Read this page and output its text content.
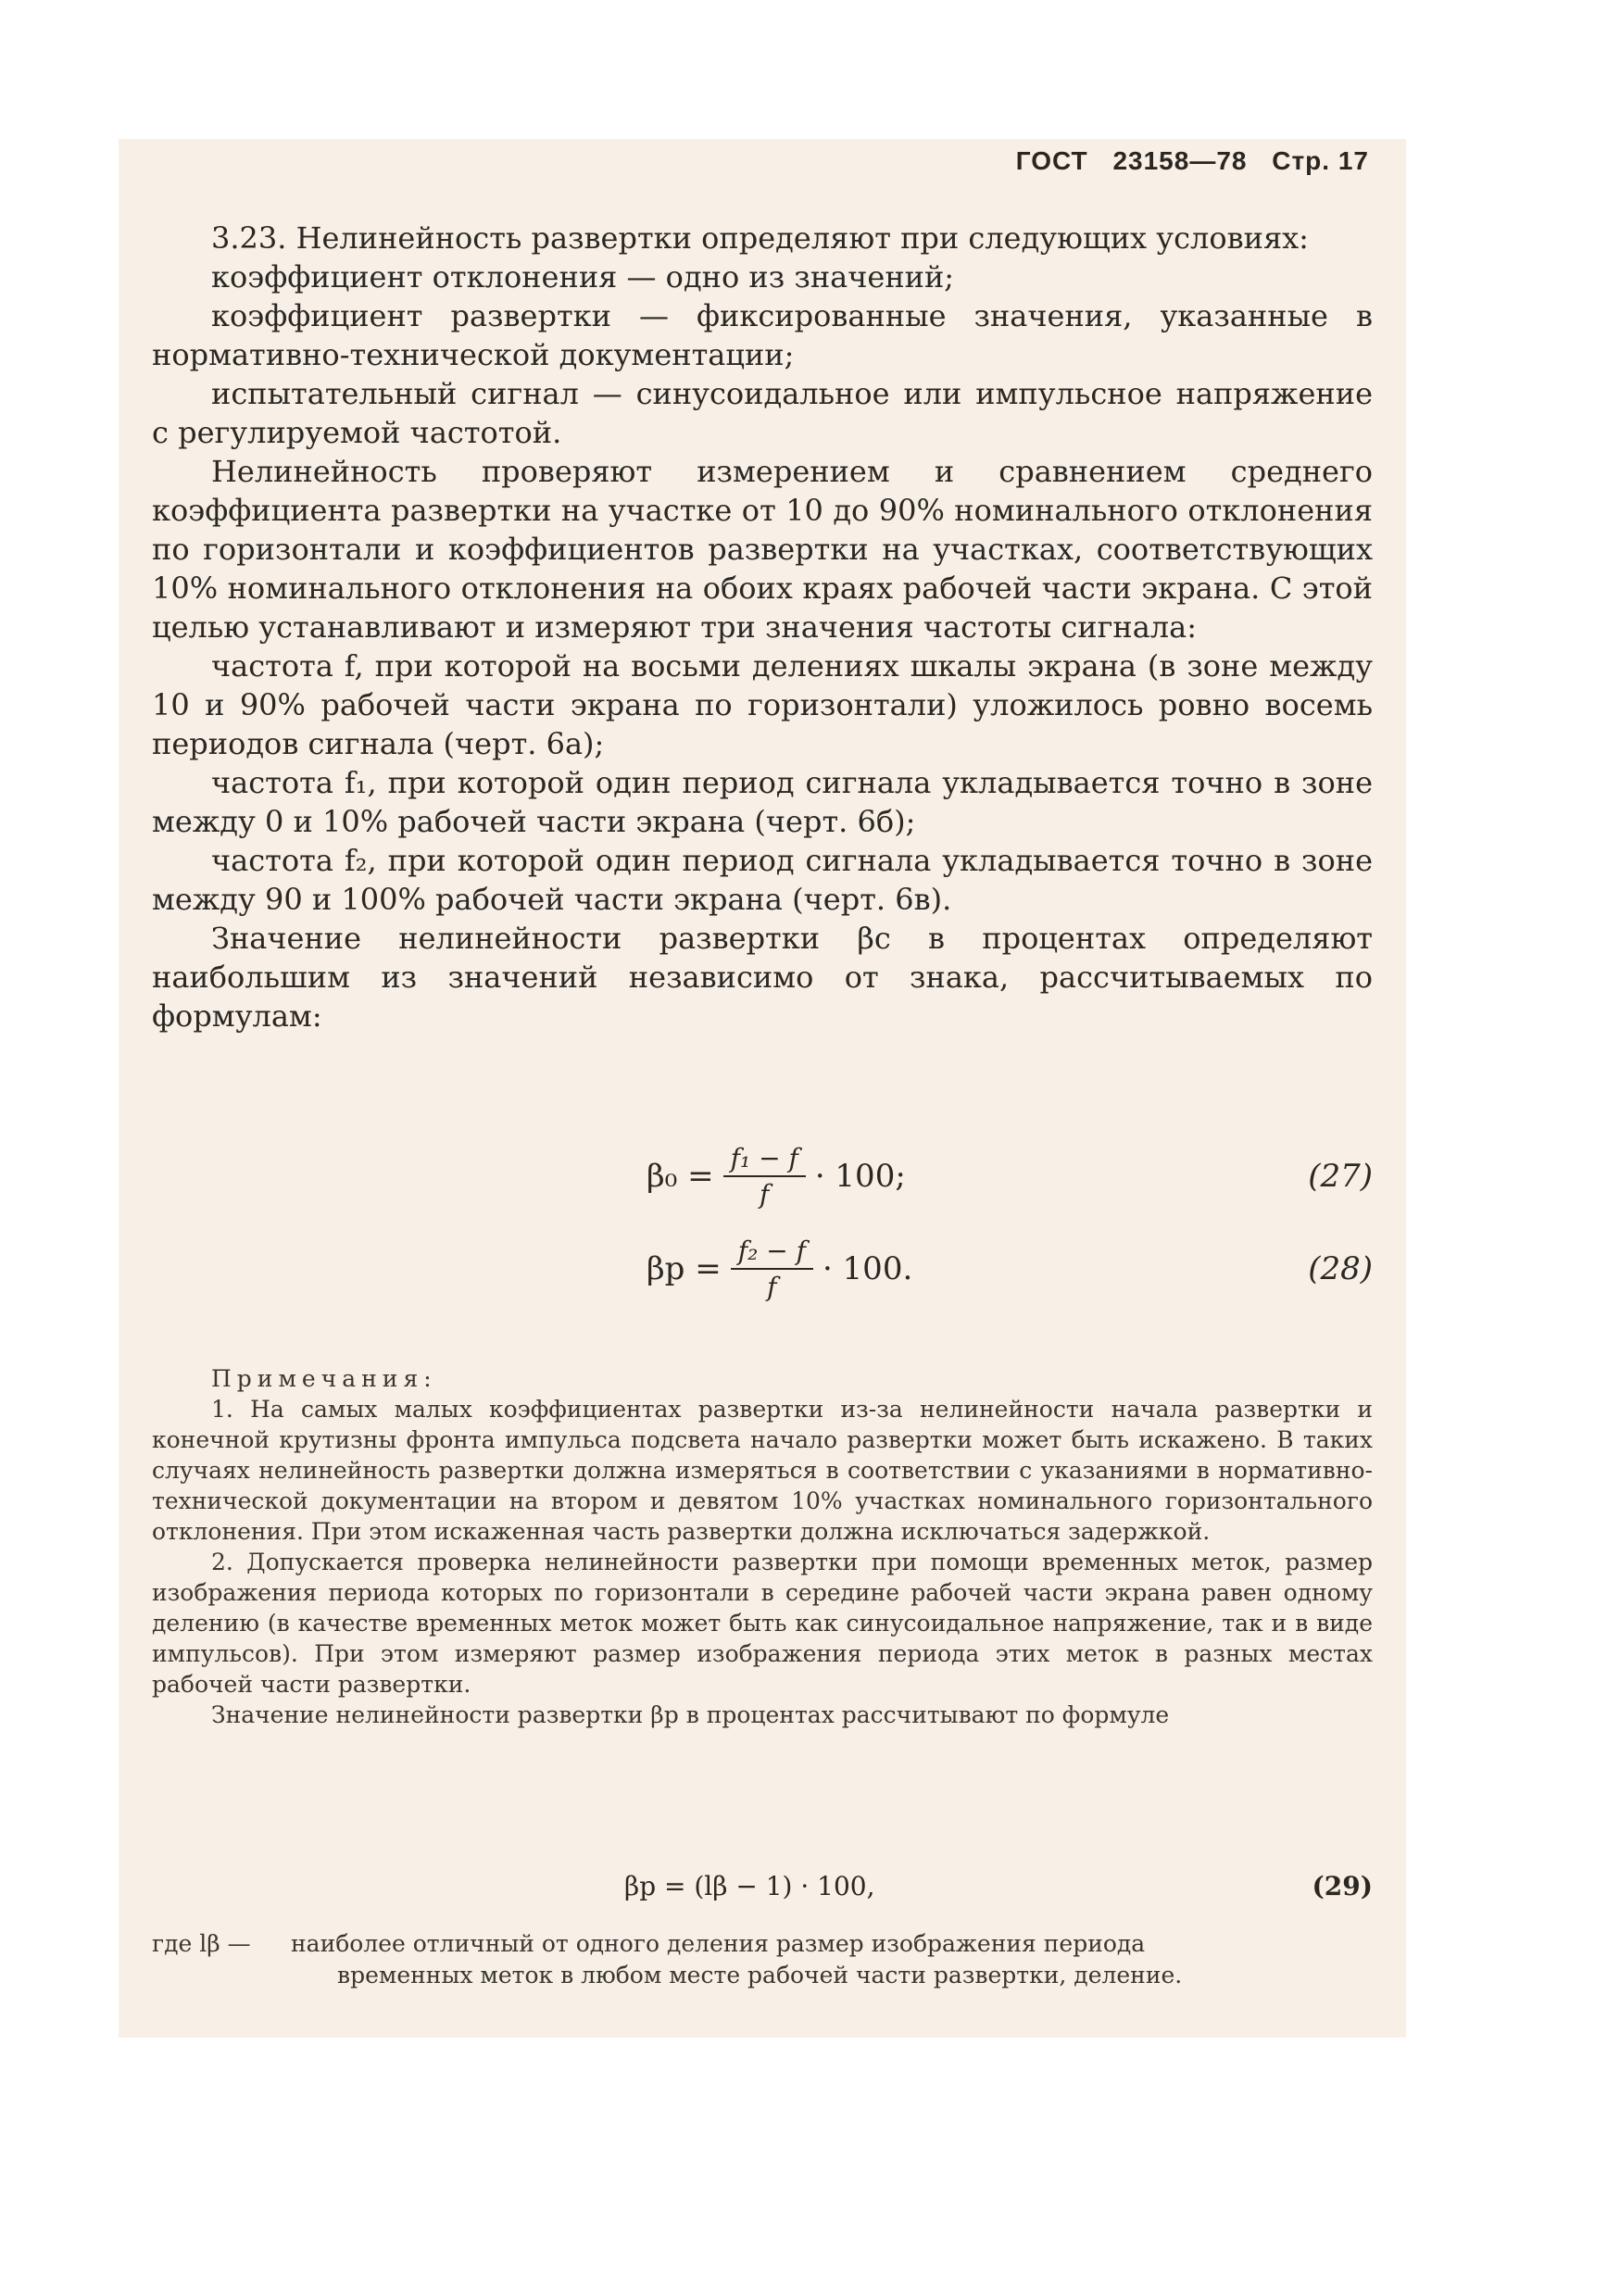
ГОСТ 23158—78 Стр. 17

3.23. Нелинейность развертки определяют при следующих условиях:

коэффициент отклонения — одно из значений;

коэффициент развертки — фиксированные значения, указанные в нормативно-технической документации;

испытательный сигнал — синусоидальное или импульсное напряжение с регулируемой частотой.

Нелинейность проверяют измерением и сравнением среднего коэффициента развертки на участке от 10 до 90% номинального отклонения по горизонтали и коэффициентов развертки на участках, соответствующих 10% номинального отклонения на обоих краях рабочей части экрана. С этой целью устанавливают и измеряют три значения частоты сигнала:

частота f, при которой на восьми делениях шкалы экрана (в зоне между 10 и 90% рабочей части экрана по горизонтали) уложилось ровно восемь периодов сигнала (черт. 6а);

частота f₁, при которой один период сигнала укладывается точно в зоне между 0 и 10% рабочей части экрана (черт. 6б);

частота f₂, при которой один период сигнала укладывается точно в зоне между 90 и 100% рабочей части экрана (черт. 6в).

Значение нелинейности развертки βс в процентах определяют наибольшим из значений независимо от знака, рассчитываемых по формулам:

$\beta_0 = \frac{\text{f₁ − f}}{f} \cdot 100$;	(27)
$\beta р = \frac{\text{f₂ − f}}{f} \cdot 100$.	(28)

Примечания:

1. На самых малых коэффициентах развертки из-за нелинейности начала развертки и конечной крутизны фронта импульса подсвета начало развертки может быть искажено. В таких случаях нелинейность развертки должна измеряться в соответствии с указаниями в нормативно-технической документации на втором и девятом 10% участках номинального горизонтального отклонения. При этом искаженная часть развертки должна исключаться задержкой.

2. Допускается проверка нелинейности развертки при помощи временных меток, размер изображения периода которых по горизонтали в середине рабочей части экрана равен одному делению (в качестве временных меток может быть как синусоидальное напряжение, так и в виде импульсов). При этом измеряют размер изображения периода этих меток в разных местах рабочей части развертки.

Значение нелинейности развертки βр в процентах рассчитывают по формуле

βр = (lβ − 1) · 100,	(29)
где lβ —	наиболее отличный от одного деления размер изображения периода
временных меток в любом месте рабочей части развертки, деление.
